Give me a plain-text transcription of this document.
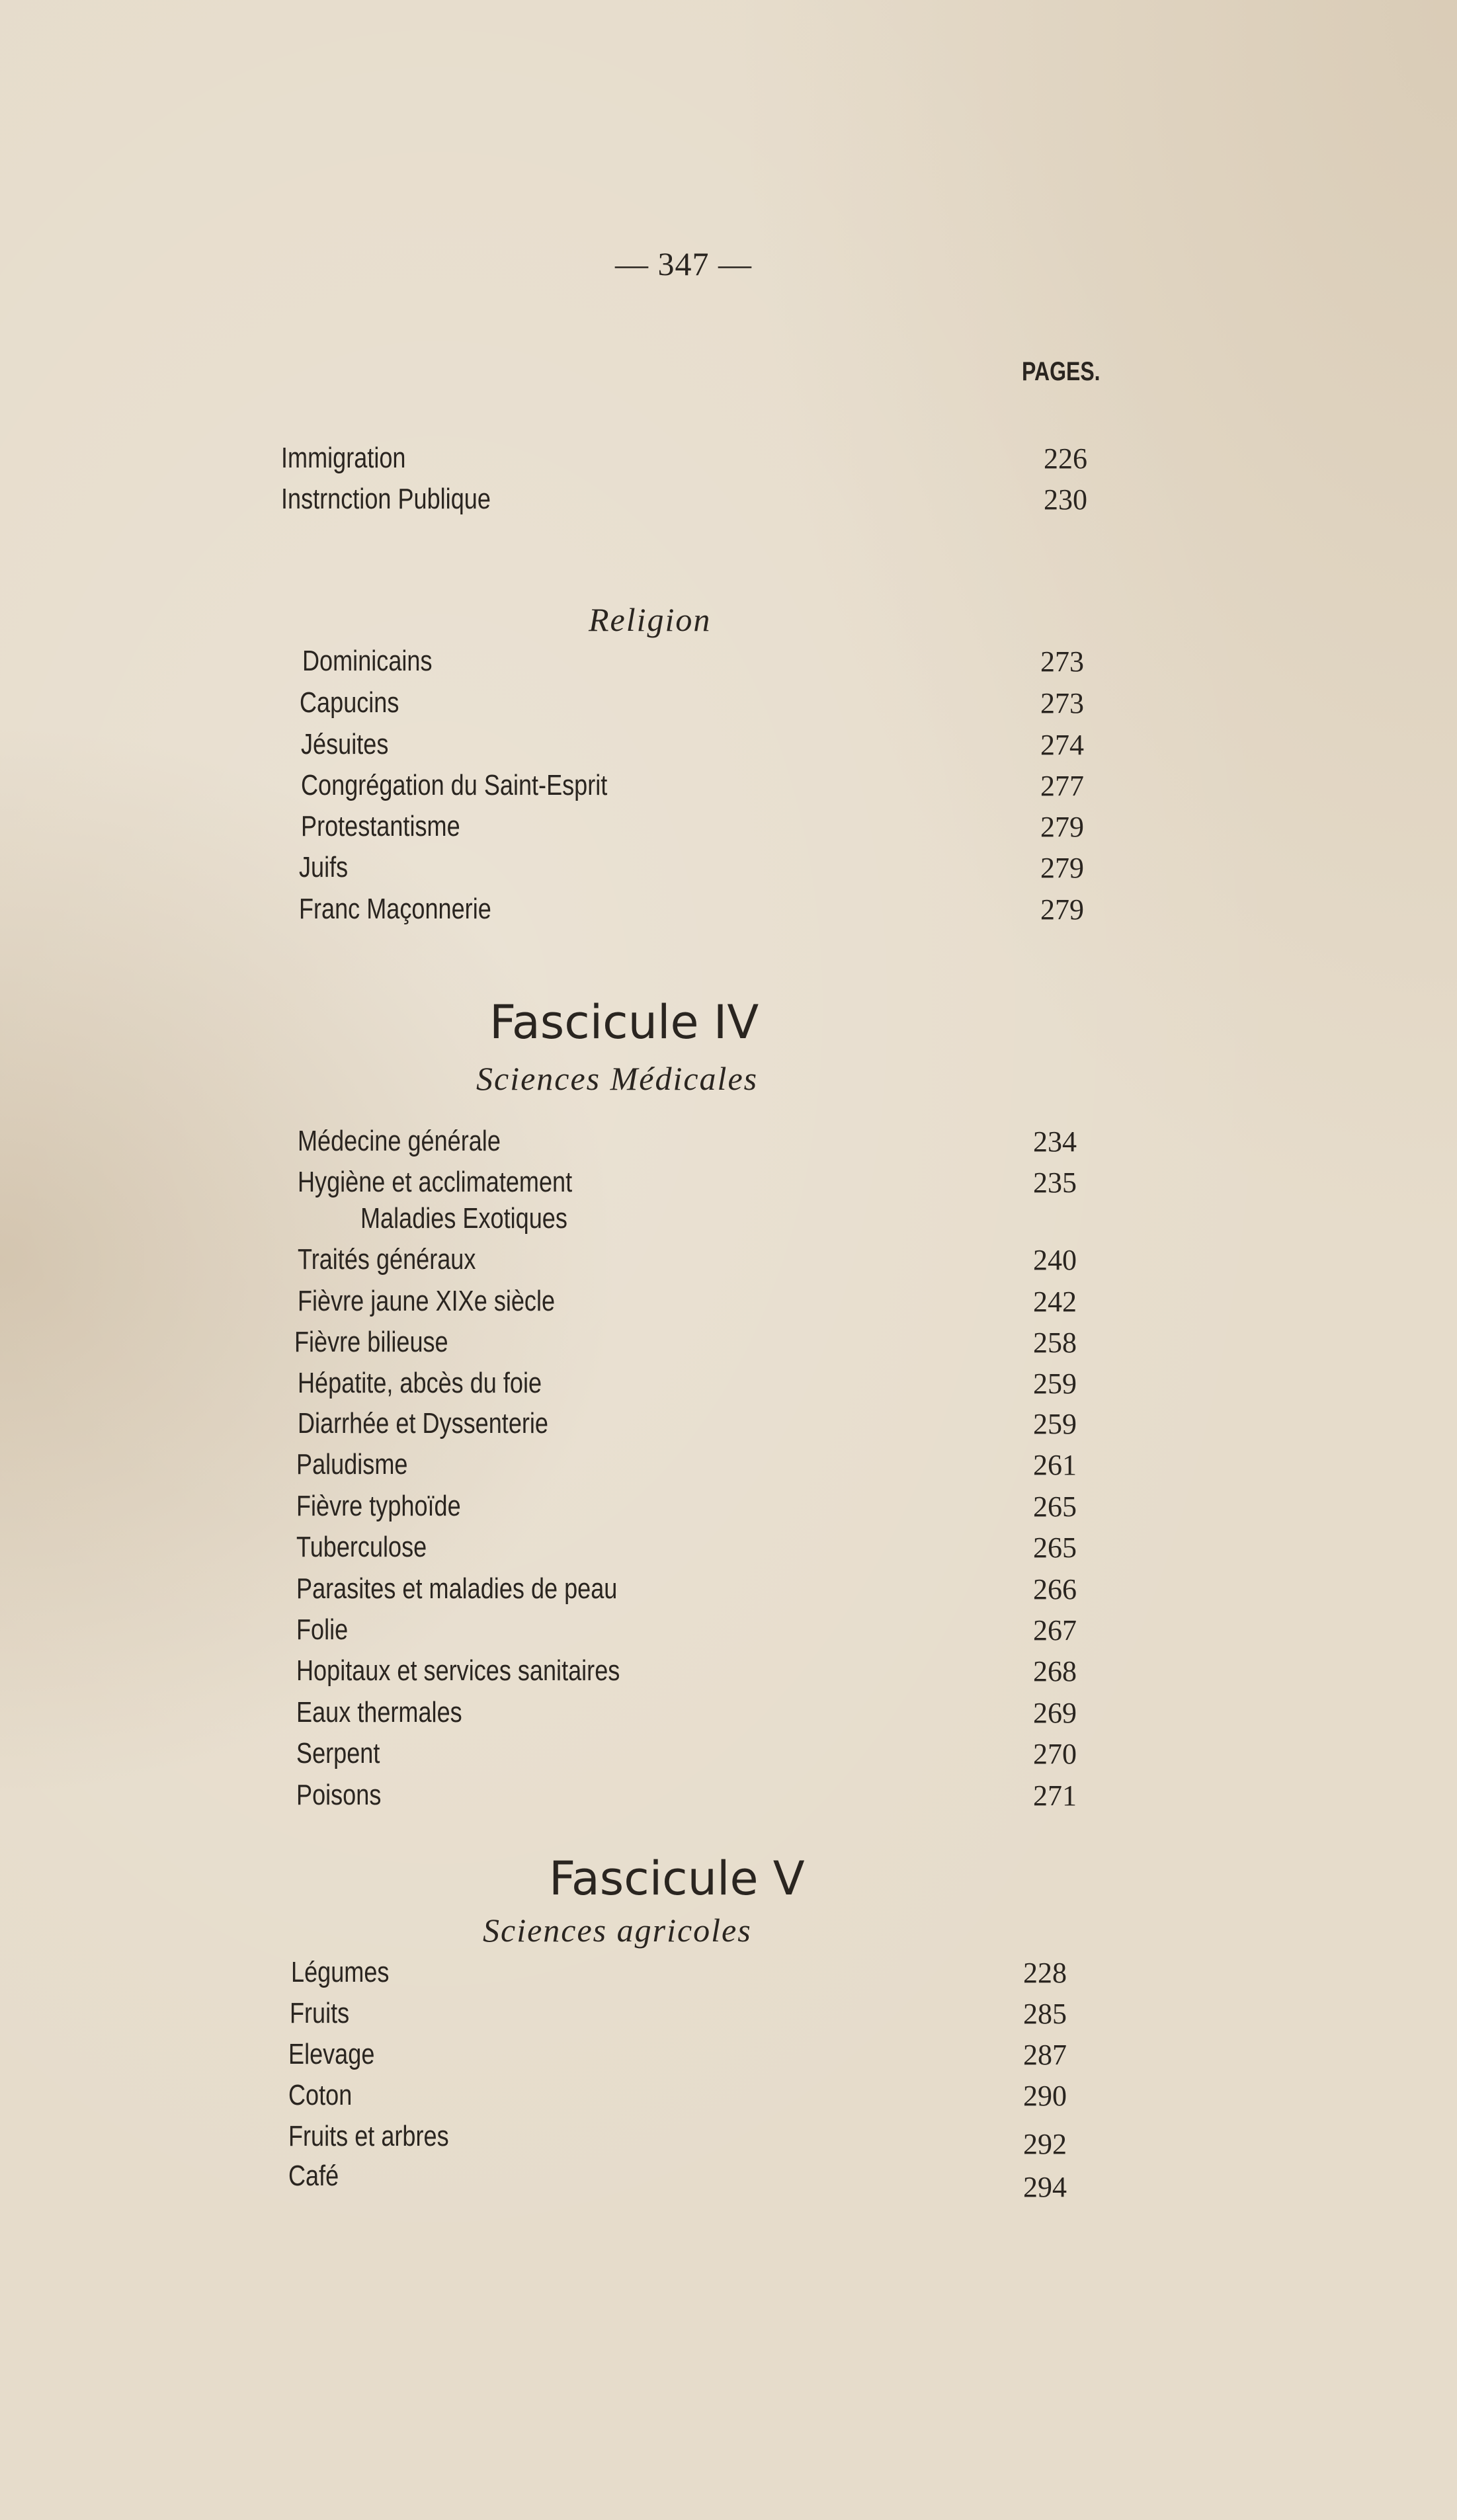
— 347 —
PAGES.
Immigration	226
Instrnction Publique	230
Religion
Dominicains	273
Capucins	273
Jésuites	274
Congrégation du Saint-Esprit	277
Protestantisme	279
Juifs	279
Franc Maçonnerie	279
Fascicule IV
Sciences Médicales
Médecine générale	234
Hygiène et acclimatement	235
Maladies Exotiques
Traités généraux	240
Fièvre jaune XIXe siècle	242
Fièvre bilieuse	258
Hépatite, abcès du foie	259
Diarrhée et Dyssenterie	259
Paludisme	261
Fièvre typhoïde	265
Tuberculose	265
Parasites et maladies de peau	266
Folie	267
Hopitaux et services sanitaires	268
Eaux thermales	269
Serpent	270
Poisons	271
Fascicule V
Sciences agricoles
Légumes	228
Fruits	285
Elevage	287
Coton	290
Fruits et arbres	292
Café	294
